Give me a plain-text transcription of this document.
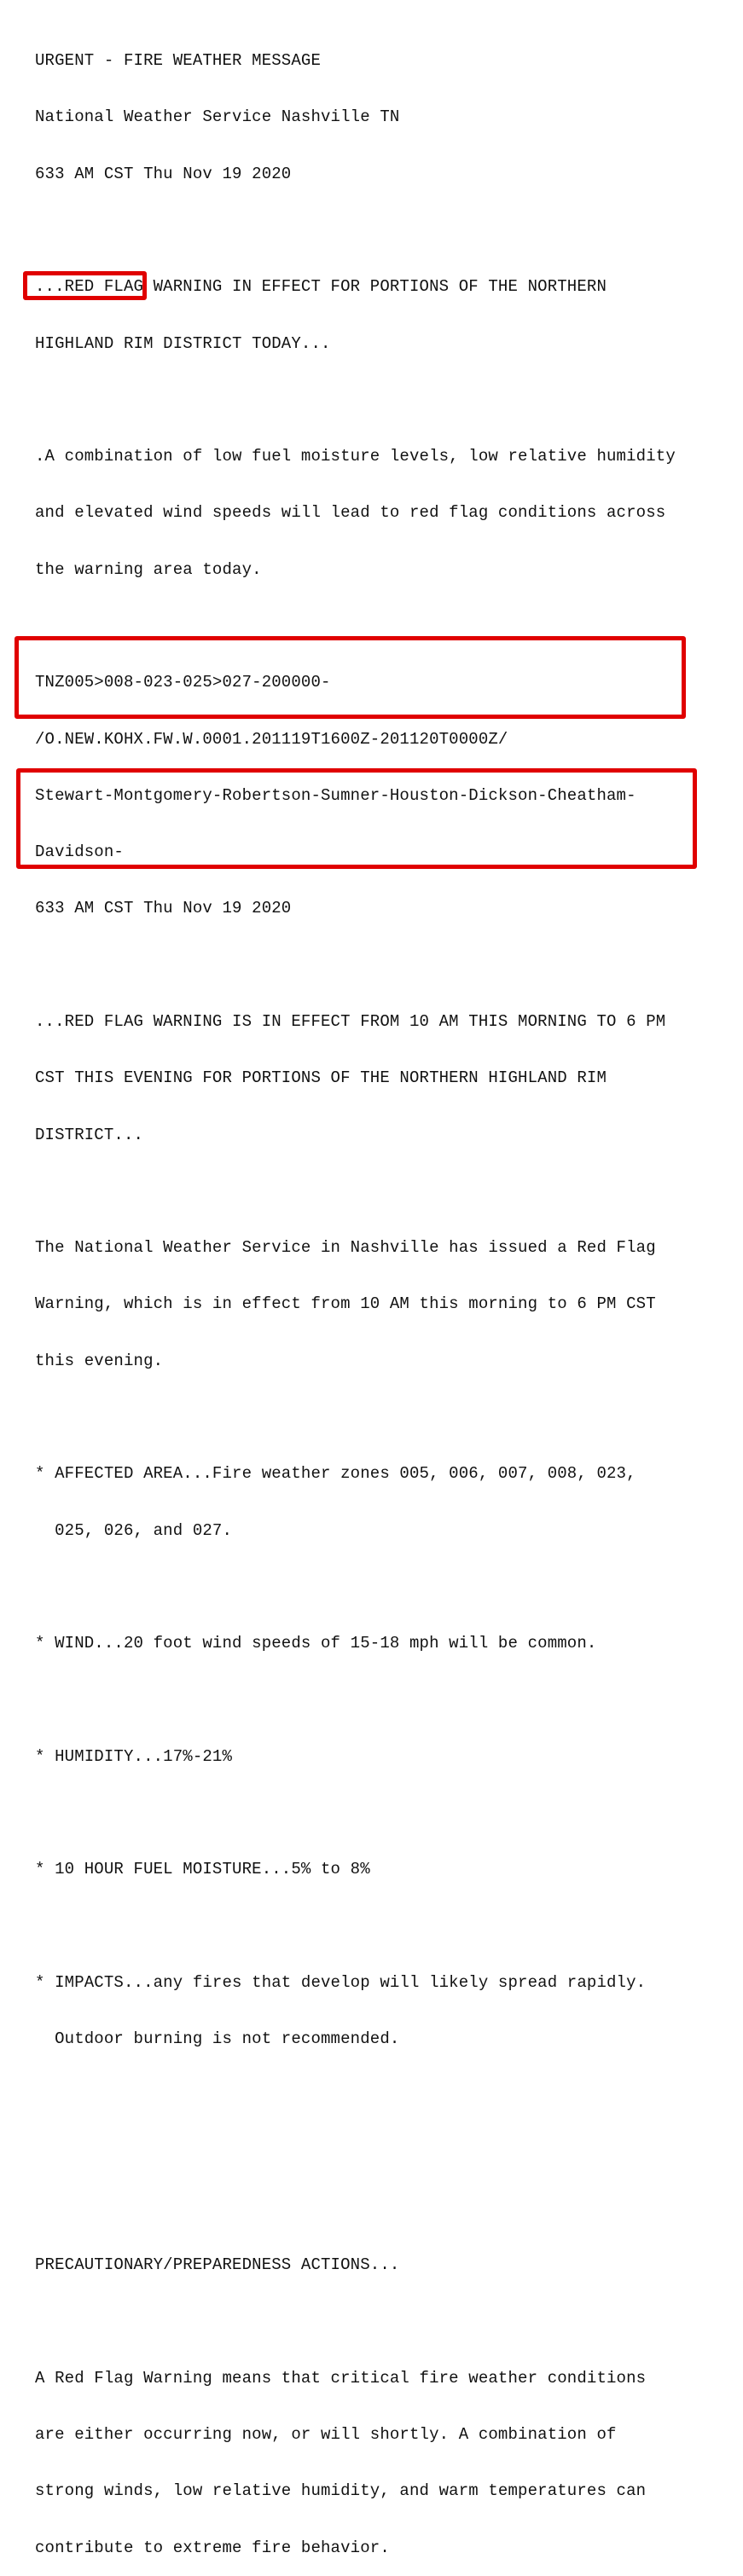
URGENT - FIRE WEATHER MESSAGE

National Weather Service Nashville TN

633 AM CST Thu Nov 19 2020

...RED FLAG WARNING IN EFFECT FOR PORTIONS OF THE NORTHERN

HIGHLAND RIM DISTRICT TODAY...

.A combination of low fuel moisture levels, low relative humidity

and elevated wind speeds will lead to red flag conditions across

the warning area today.

TNZ005>008-023-025>027-200000-

/O.NEW.KOHX.FW.W.0001.201119T1600Z-201120T0000Z/

Stewart-Montgomery-Robertson-Sumner-Houston-Dickson-Cheatham-

Davidson-

633 AM CST Thu Nov 19 2020

...RED FLAG WARNING IS IN EFFECT FROM 10 AM THIS MORNING TO 6 PM

CST THIS EVENING FOR PORTIONS OF THE NORTHERN HIGHLAND RIM

DISTRICT...

The National Weather Service in Nashville has issued a Red Flag

Warning, which is in effect from 10 AM this morning to 6 PM CST

this evening.

* AFFECTED AREA...Fire weather zones 005, 006, 007, 008, 023,

025, 026, and 027.

* WIND...20 foot wind speeds of 15-18 mph will be common.

* HUMIDITY...17%-21%

* 10 HOUR FUEL MOISTURE...5% to 8%

* IMPACTS...any fires that develop will likely spread rapidly.

Outdoor burning is not recommended.

PRECAUTIONARY/PREPAREDNESS ACTIONS...

A Red Flag Warning means that critical fire weather conditions

are either occurring now, or will shortly. A combination of

strong winds, low relative humidity, and warm temperatures can

contribute to extreme fire behavior.
